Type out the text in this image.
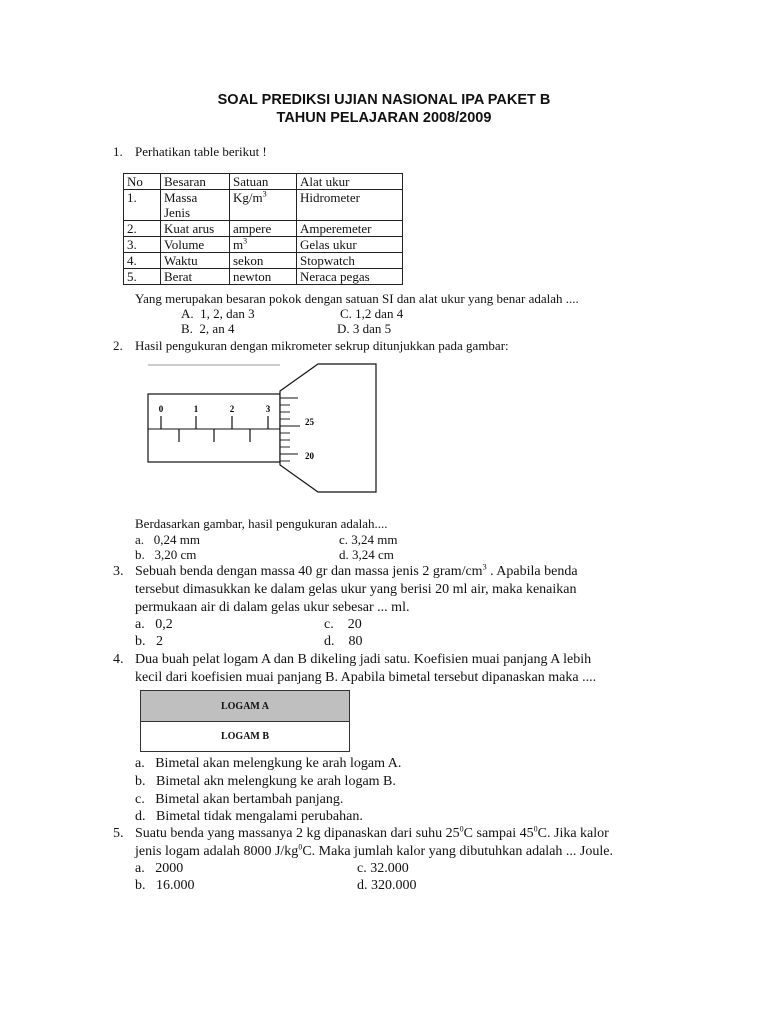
SOAL PREDIKSI UJIAN NASIONAL IPA PAKET B
TAHUN PELAJARAN 2008/2009
1. Perhatikan table berikut !
No	Besaran	Satuan	Alat ukur
1.	Massa Jenis	$Kg/m^3$	Hidrometer
2.	Kuat arus	ampere	Amperemeter
3.	Volume	$m^3$	Gelas ukur
4.	Waktu	sekon	Stopwatch
5.	Berat	newton	Neraca pegas
Yang merupakan besaran pokok dengan satuan SI dan alat ukur yang benar adalah ....
A. 1, 2, dan 3	C. 1,2 dan 4
B. 2, an 4	D. 3 dan 5
2. Hasil pengukuran dengan mikrometer sekrup ditunjukkan pada gambar:
0	1	2	3
25
20
Berdasarkan gambar, hasil pengukuran adalah....
a. 0,24 mm	c. 3,24 mm
b. 3,20 cm	d. 3,24 cm
3. Sebuah benda dengan massa 40 gr dan massa jenis 2 gram/$cm^3$ . Apabila benda
tersebut dimasukkan ke dalam gelas ukur yang berisi 20 ml air, maka kenaikan
permukaan air di dalam gelas ukur sebesar ... ml.
a. 0,2	c. 20
b. 2	d. 80
4. Dua buah pelat logam A dan B dikeling jadi satu. Koefisien muai panjang A lebih
kecil dari koefisien muai panjang B. Apabila bimetal tersebut dipanaskan maka ....
LOGAM A
LOGAM B
a. Bimetal akan melengkung ke arah logam A.
b. Bimetal akn melengkung ke arah logam B.
c. Bimetal akan bertambah panjang.
d. Bimetal tidak mengalami perubahan.
5. Suatu benda yang massanya 2 kg dipanaskan dari suhu $25^0C$ sampai $45^0C$. Jika kalor
jenis logam adalah 8000 $J/kg^0C$. Maka jumlah kalor yang dibutuhkan adalah ... Joule.
a. 2000	c. 32.000
b. 16.000	d. 320.000
